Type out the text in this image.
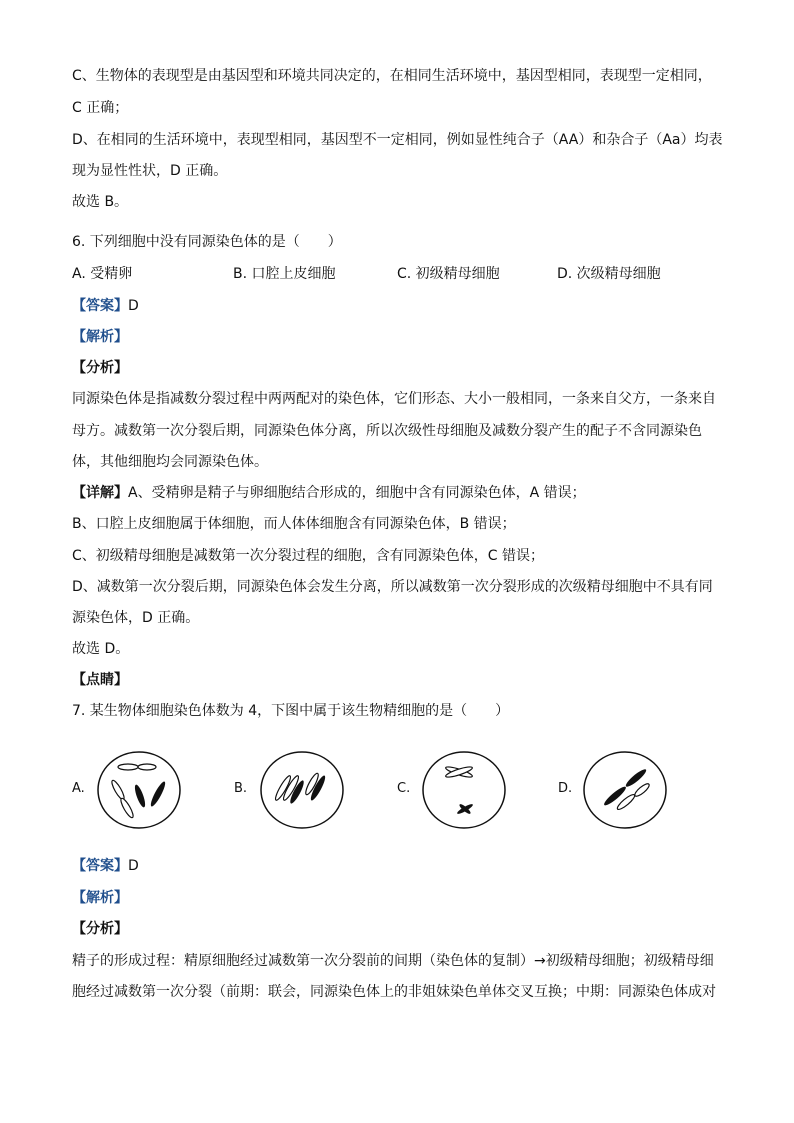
C、生物体的表现型是由基因型和环境共同决定的，在相同生活环境中，基因型相同，表现型一定相同，
C 正确；
D、在相同的生活环境中，表现型相同，基因型不一定相同，例如显性纯合子（AA）和杂合子（Aa）均表
现为显性性状，D 正确。
故选 B。
6. 下列细胞中没有同源染色体的是（　　）
A. 受精卵	B. 口腔上皮细胞	C. 初级精母细胞	D. 次级精母细胞
【答案】D
【解析】
【分析】
同源染色体是指减数分裂过程中两两配对的染色体，它们形态、大小一般相同，一条来自父方，一条来自
母方。减数第一次分裂后期，同源染色体分离，所以次级性母细胞及减数分裂产生的配子不含同源染色
体，其他细胞均会同源染色体。
【详解】A、受精卵是精子与卵细胞结合形成的，细胞中含有同源染色体，A 错误；
B、口腔上皮细胞属于体细胞，而人体体细胞含有同源染色体，B 错误；
C、初级精母细胞是减数第一次分裂过程的细胞，含有同源染色体，C 错误；
D、减数第一次分裂后期，同源染色体会发生分离，所以减数第一次分裂形成的次级精母细胞中不具有同
源染色体，D 正确。
故选 D。
【点睛】
7. 某生物体细胞染色体数为 4，下图中属于该生物精细胞的是（　　）
A.	B.	C.	D.
【答案】D
【解析】
【分析】
精子的形成过程：精原细胞经过减数第一次分裂前的间期（染色体的复制）→初级精母细胞；初级精母细
胞经过减数第一次分裂（前期：联会，同源染色体上的非姐妹染色单体交叉互换；中期：同源染色体成对
